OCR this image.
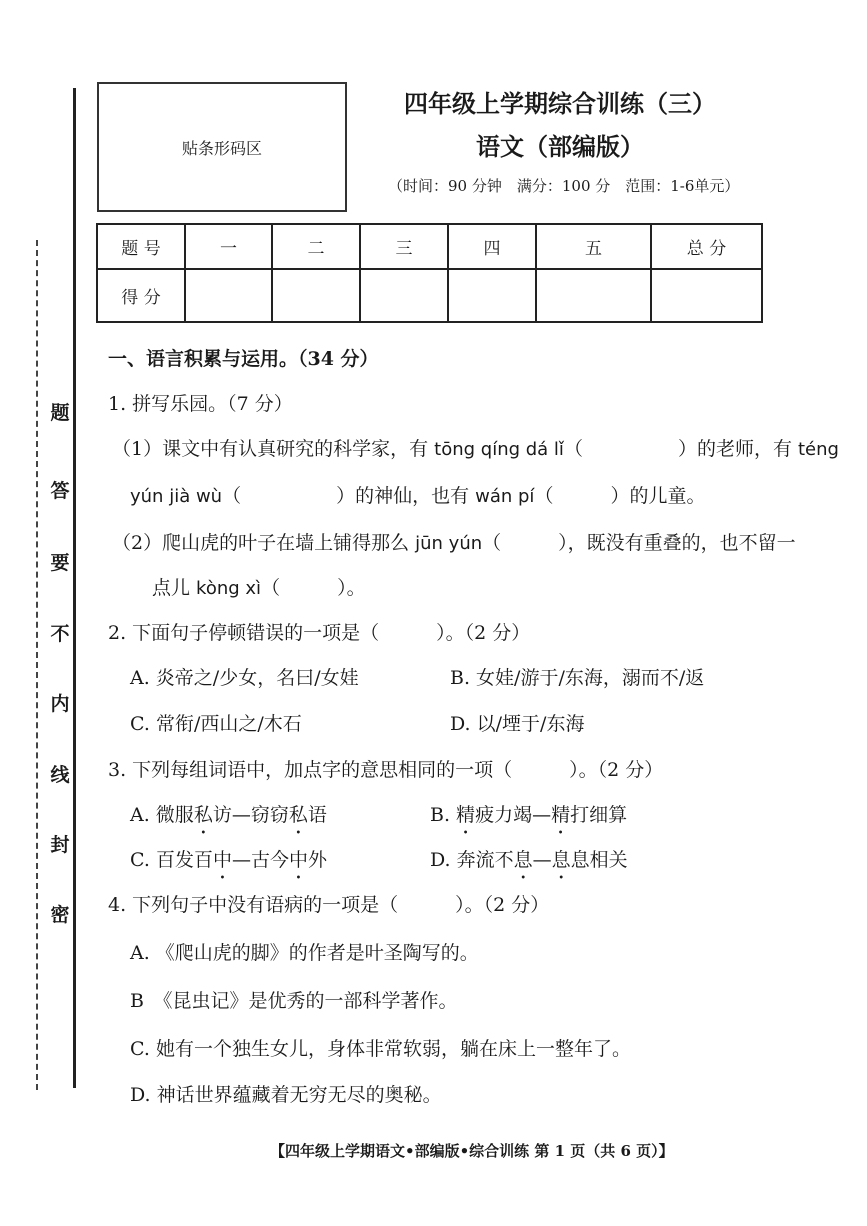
题
答
要
不
内
线
封
密
贴条形码区
四年级上学期综合训练（三）
语文（部编版）
（时间：90 分钟　满分：100 分　范围：1-6单元）
题 号	一	二	三	四	五	总 分
得 分						
一、语言积累与运用。（34 分）
1. 拼写乐园。（7 分）
（1）课文中有认真研究的科学家，有 tōng qíng dá lǐ（　　　　　）的老师，有 téng
yún jià wù（　　　　　）的神仙，也有 wán pí（　　　）的儿童。
（2）爬山虎的叶子在墙上铺得那么 jūn yún（　　　），既没有重叠的，也不留一
点儿 kòng xì（　　　）。
2. 下面句子停顿错误的一项是（　　　）。（2 分）
A. 炎帝之/少女，名曰/女娃	B. 女娃/游于/东海，溺而不/返
C. 常衔/西山之/木石	D. 以/堙于/东海
3. 下列每组词语中，加点字的意思相同的一项（　　　）。（2 分）
A. 微服私访—窃窃私语	B. 精疲力竭—精打细算
C. 百发百中—古今中外	D. 奔流不息—息息相关
4. 下列句子中没有语病的一项是（　　　）。（2 分）
A. 《爬山虎的脚》的作者是叶圣陶写的。
B　《昆虫记》是优秀的一部科学著作。
C. 她有一个独生女儿，身体非常软弱，躺在床上一整年了。
D. 神话世界蕴藏着无穷无尽的奥秘。
【四年级上学期语文•部编版•综合训练 第 1 页（共 6 页）】
